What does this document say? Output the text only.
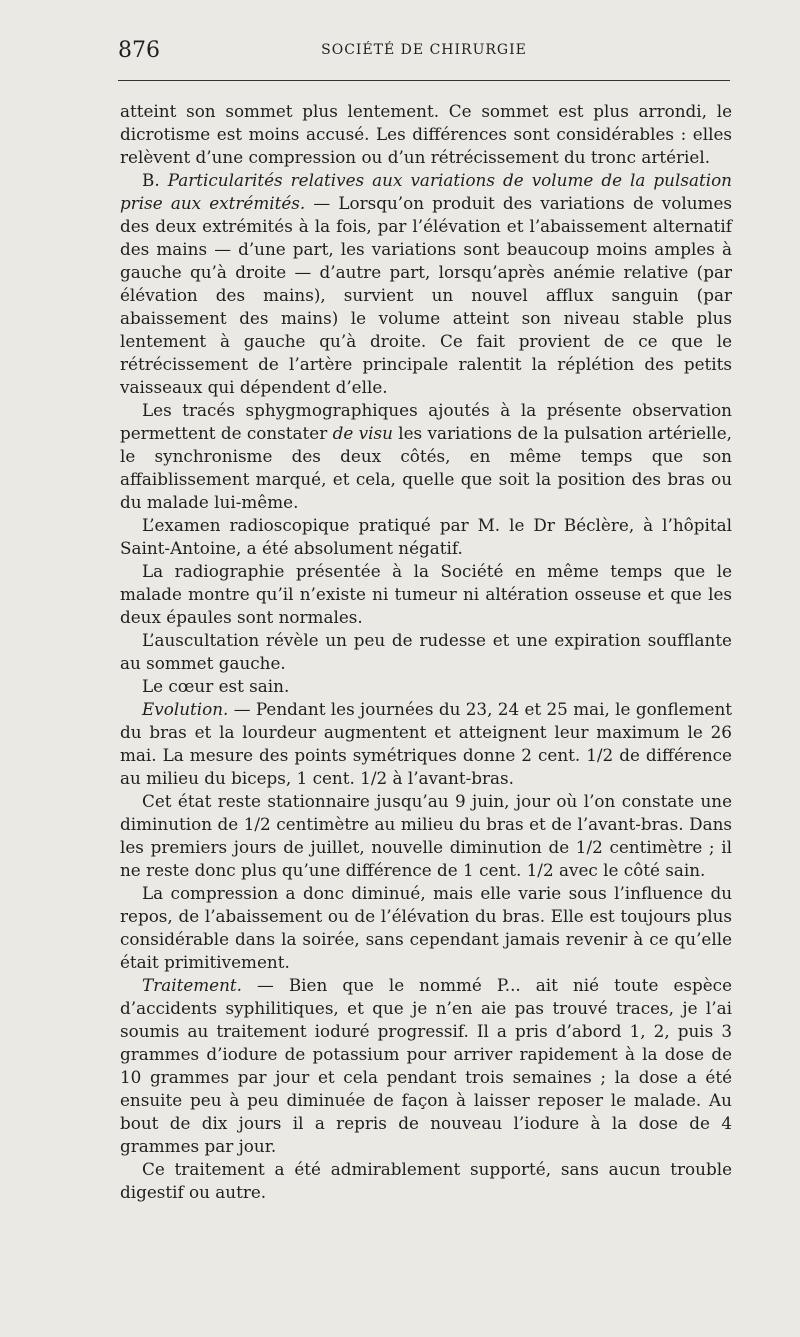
876	SOCIÉTÉ DE CHIRURGIE

atteint son sommet plus lentement. Ce sommet est plus arrondi, le dicrotisme est moins accusé. Les différences sont considérables : elles relèvent d’une compression ou d’un rétrécissement du tronc artériel.

B. Particularités relatives aux variations de volume de la pulsation prise aux extrémités. — Lorsqu’on produit des variations de volumes des deux extrémités à la fois, par l’élévation et l’abaissement alternatif des mains — d’une part, les variations sont beaucoup moins amples à gauche qu’à droite — d’autre part, lorsqu’après anémie relative (par élévation des mains), survient un nouvel afflux sanguin (par abaissement des mains) le volume atteint son niveau stable plus lentement à gauche qu’à droite. Ce fait provient de ce que le rétrécissement de l’artère principale ralentit la réplétion des petits vaisseaux qui dépendent d’elle.

Les tracés sphygmographiques ajoutés à la présente observation permettent de constater de visu les variations de la pulsation artérielle, le synchronisme des deux côtés, en même temps que son affaiblissement marqué, et cela, quelle que soit la position des bras ou du malade lui-même.

L’examen radioscopique pratiqué par M. le Dr Béclère, à l’hôpital Saint-Antoine, a été absolument négatif.

La radiographie présentée à la Société en même temps que le malade montre qu’il n’existe ni tumeur ni altération osseuse et que les deux épaules sont normales.

L’auscultation révèle un peu de rudesse et une expiration soufflante au sommet gauche.

Le cœur est sain.

Evolution. — Pendant les journées du 23, 24 et 25 mai, le gonflement du bras et la lourdeur augmentent et atteignent leur maximum le 26 mai. La mesure des points symétriques donne 2 cent. 1/2 de différence au milieu du biceps, 1 cent. 1/2 à l’avant-bras.

Cet état reste stationnaire jusqu’au 9 juin, jour où l’on constate une diminution de 1/2 centimètre au milieu du bras et de l’avant-bras. Dans les premiers jours de juillet, nouvelle diminution de 1/2 centimètre ; il ne reste donc plus qu’une différence de 1 cent. 1/2 avec le côté sain.

La compression a donc diminué, mais elle varie sous l’influence du repos, de l’abaissement ou de l’élévation du bras. Elle est toujours plus considérable dans la soirée, sans cependant jamais revenir à ce qu’elle était primitivement.

Traitement. — Bien que le nommé P... ait nié toute espèce d’accidents syphilitiques, et que je n’en aie pas trouvé traces, je l’ai soumis au traitement ioduré progressif. Il a pris d’abord 1, 2, puis 3 grammes d’iodure de potassium pour arriver rapidement à la dose de 10 grammes par jour et cela pendant trois semaines ; la dose a été ensuite peu à peu diminuée de façon à laisser reposer le malade. Au bout de dix jours il a repris de nouveau l’iodure à la dose de 4 grammes par jour.

Ce traitement a été admirablement supporté, sans aucun trouble digestif ou autre.
